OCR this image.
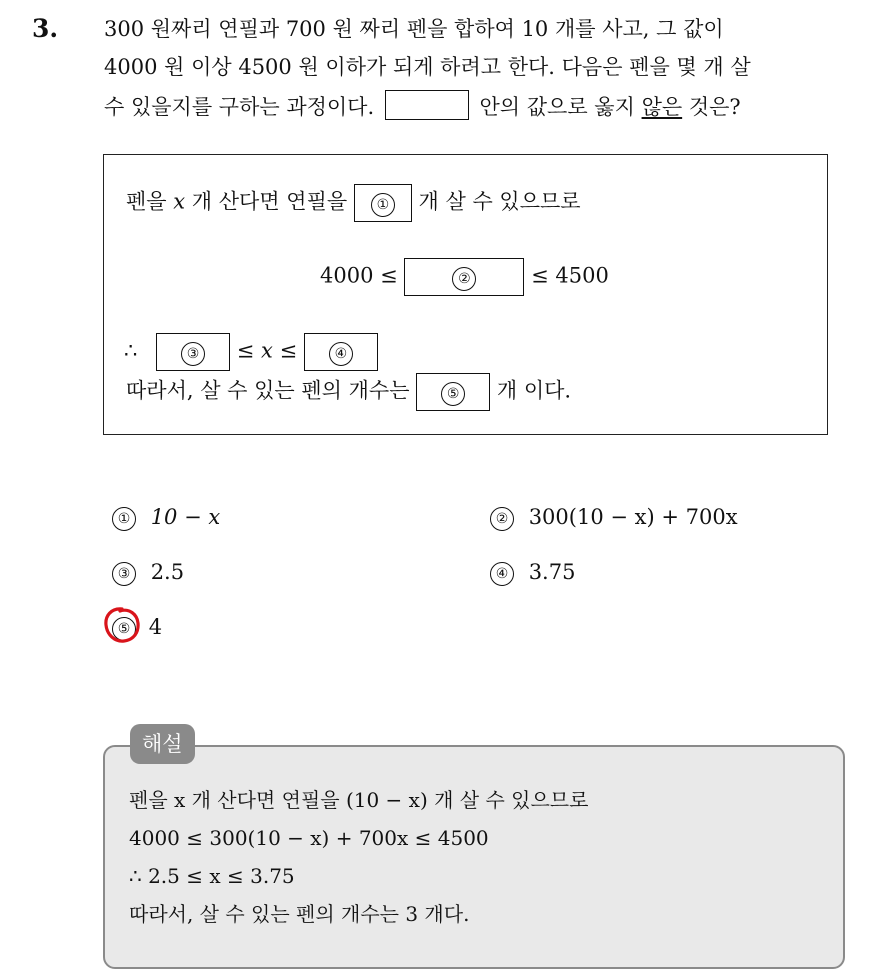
3. 300 원짜리 연필과 700 원 짜리 펜을 합하여 10 개를 사고, 그 값이
4000 원 이상 4500 원 이하가 되게 하려고 한다. 다음은 펜을 몇 개 살
수 있을지를 구하는 과정이다.	안의 값으로 옳지 않은 것은?
펜을 x 개 산다면 연필을 ① 개 살 수 있으므로
4000 ≤	②	≤ 4500
∴	③ ≤ x ≤	④
따라서, 살 수 있는 펜의 개수는	⑤ 개 이다.
① 10 − x	② 300(10 − x) + 700x
③ 2.5	④ 3.75
⑤ 4
해설
펜을 x 개 산다면 연필을 (10 − x) 개 살 수 있으므로
4000 ≤ 300(10 − x) + 700x ≤ 4500
∴ 2.5 ≤ x ≤ 3.75
따라서, 살 수 있는 펜의 개수는 3 개다.
